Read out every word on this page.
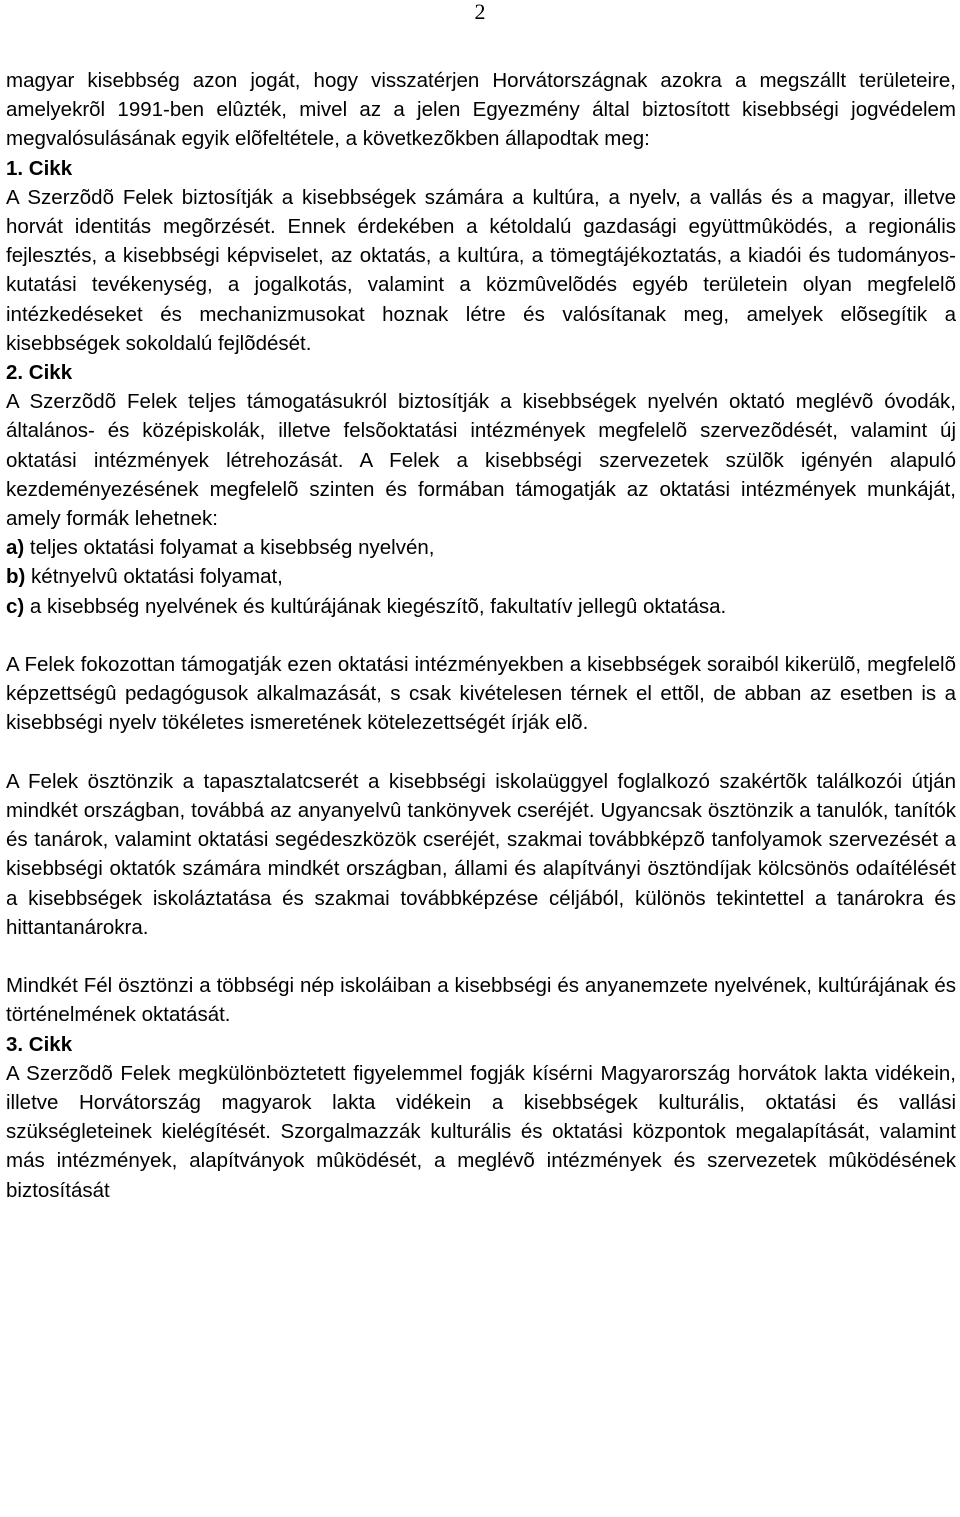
2

magyar kisebbség azon jogát, hogy visszatérjen Horvátországnak azokra a megszállt területeire, amelyekrõl 1991-ben elûzték, mivel az a jelen Egyezmény által biztosított kisebbségi jogvédelem megvalósulásának egyik elõfeltétele, a következõkben állapodtak meg:

1. Cikk

A Szerzõdõ Felek biztosítják a kisebbségek számára a kultúra, a nyelv, a vallás és a magyar, illetve horvát identitás megõrzését. Ennek érdekében a kétoldalú gazdasági együttmûködés, a regionális fejlesztés, a kisebbségi képviselet, az oktatás, a kultúra, a tömegtájékoztatás, a kiadói és tudományos-kutatási tevékenység, a jogalkotás, valamint a közmûvelõdés egyéb területein olyan megfelelõ intézkedéseket és mechanizmusokat hoznak létre és valósítanak meg, amelyek elõsegítik a kisebbségek sokoldalú fejlõdését.

2. Cikk

A Szerzõdõ Felek teljes támogatásukról biztosítják a kisebbségek nyelvén oktató meglévõ óvodák, általános- és középiskolák, illetve felsõoktatási intézmények megfelelõ szervezõdését, valamint új oktatási intézmények létrehozását. A Felek a kisebbségi szervezetek szülõk igényén alapuló kezdeményezésének megfelelõ szinten és formában támogatják az oktatási intézmények munkáját, amely formák lehetnek:

a) teljes oktatási folyamat a kisebbség nyelvén,

b) kétnyelvû oktatási folyamat,

c) a kisebbség nyelvének és kultúrájának kiegészítõ, fakultatív jellegû oktatása.

A Felek fokozottan támogatják ezen oktatási intézményekben a kisebbségek soraiból kikerülõ, megfelelõ képzettségû pedagógusok alkalmazását, s csak kivételesen térnek el ettõl, de abban az esetben is a kisebbségi nyelv tökéletes ismeretének kötelezettségét írják elõ.

A Felek ösztönzik a tapasztalatcserét a kisebbségi iskolaüggyel foglalkozó szakértõk találkozói útján mindkét országban, továbbá az anyanyelvû tankönyvek cseréjét. Ugyancsak ösztönzik a tanulók, tanítók és tanárok, valamint oktatási segédeszközök cseréjét, szakmai továbbképzõ tanfolyamok szervezését a kisebbségi oktatók számára mindkét országban, állami és alapítványi ösztöndíjak kölcsönös odaítélését a kisebbségek iskoláztatása és szakmai továbbképzése céljából, különös tekintettel a tanárokra és hittantanárokra.

Mindkét Fél ösztönzi a többségi nép iskoláiban a kisebbségi és anyanemzete nyelvének, kultúrájának és történelmének oktatását.

3. Cikk

A Szerzõdõ Felek megkülönböztetett figyelemmel fogják kísérni Magyarország horvátok lakta vidékein, illetve Horvátország magyarok lakta vidékein a kisebbségek kulturális, oktatási és vallási szükségleteinek kielégítését. Szorgalmazzák kulturális és oktatási központok megalapítását, valamint más intézmények, alapítványok mûködését, a meglévõ intézmények és szervezetek mûködésének biztosítását
